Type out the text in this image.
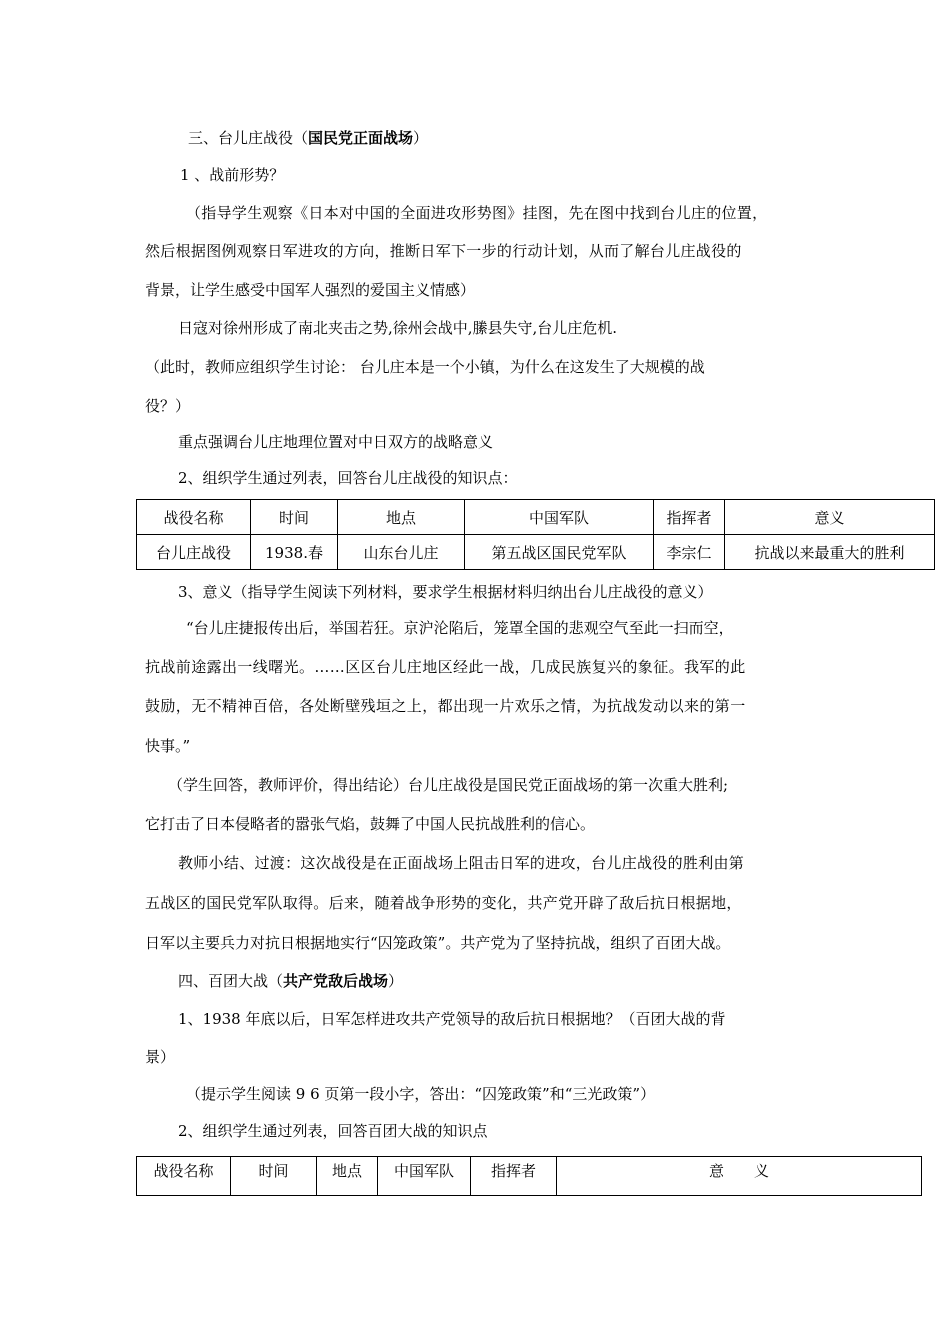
三、台儿庄战役（国民党正面战场）
1 、战前形势？
（指导学生观察《日本对中国的全面进攻形势图》挂图，先在图中找到台儿庄的位置，
然后根据图例观察日军进攻的方向，推断日军下一步的行动计划，从而了解台儿庄战役的
背景，让学生感受中国军人强烈的爱国主义情感）
日寇对徐州形成了南北夹击之势,徐州会战中,縢县失守,台儿庄危机.
（此时，教师应组织学生讨论： 台儿庄本是一个小镇，为什么在这发生了大规模的战
役？）
重点强调台儿庄地理位置对中日双方的战略意义
2、组织学生通过列表，回答台儿庄战役的知识点：
战役名称	时间	地点	中国军队	指挥者	意义
台儿庄战役	1938.春	山东台儿庄	第五战区国民党军队	李宗仁	抗战以来最重大的胜利
3、意义（指导学生阅读下列材料，要求学生根据材料归纳出台儿庄战役的意义）
“台儿庄捷报传出后，举国若狂。京沪沦陷后，笼罩全国的悲观空气至此一扫而空，
抗战前途露出一线曙光。……区区台儿庄地区经此一战，几成民族复兴的象征。我军的此
鼓励，无不精神百倍，各处断壁残垣之上，都出现一片欢乐之情，为抗战发动以来的第一
快事。”
（学生回答，教师评价，得出结论）台儿庄战役是国民党正面战场的第一次重大胜利;
它打击了日本侵略者的嚣张气焰，鼓舞了中国人民抗战胜利的信心。
教师小结、过渡：这次战役是在正面战场上阻击日军的进攻，台儿庄战役的胜利由第
五战区的国民党军队取得。后来，随着战争形势的变化，共产党开辟了敌后抗日根据地，
日军以主要兵力对抗日根据地实行“囚笼政策”。共产党为了坚持抗战，组织了百团大战。
四、百团大战（共产党敌后战场）
1、1938 年底以后，日军怎样进攻共产党领导的敌后抗日根据地？（百团大战的背
景）
（提示学生阅读 9 6 页第一段小字，答出：“囚笼政策”和“三光政策”）
2、组织学生通过列表，回答百团大战的知识点
战役名称	时间	地点	中国军队	指挥者	意　　义
